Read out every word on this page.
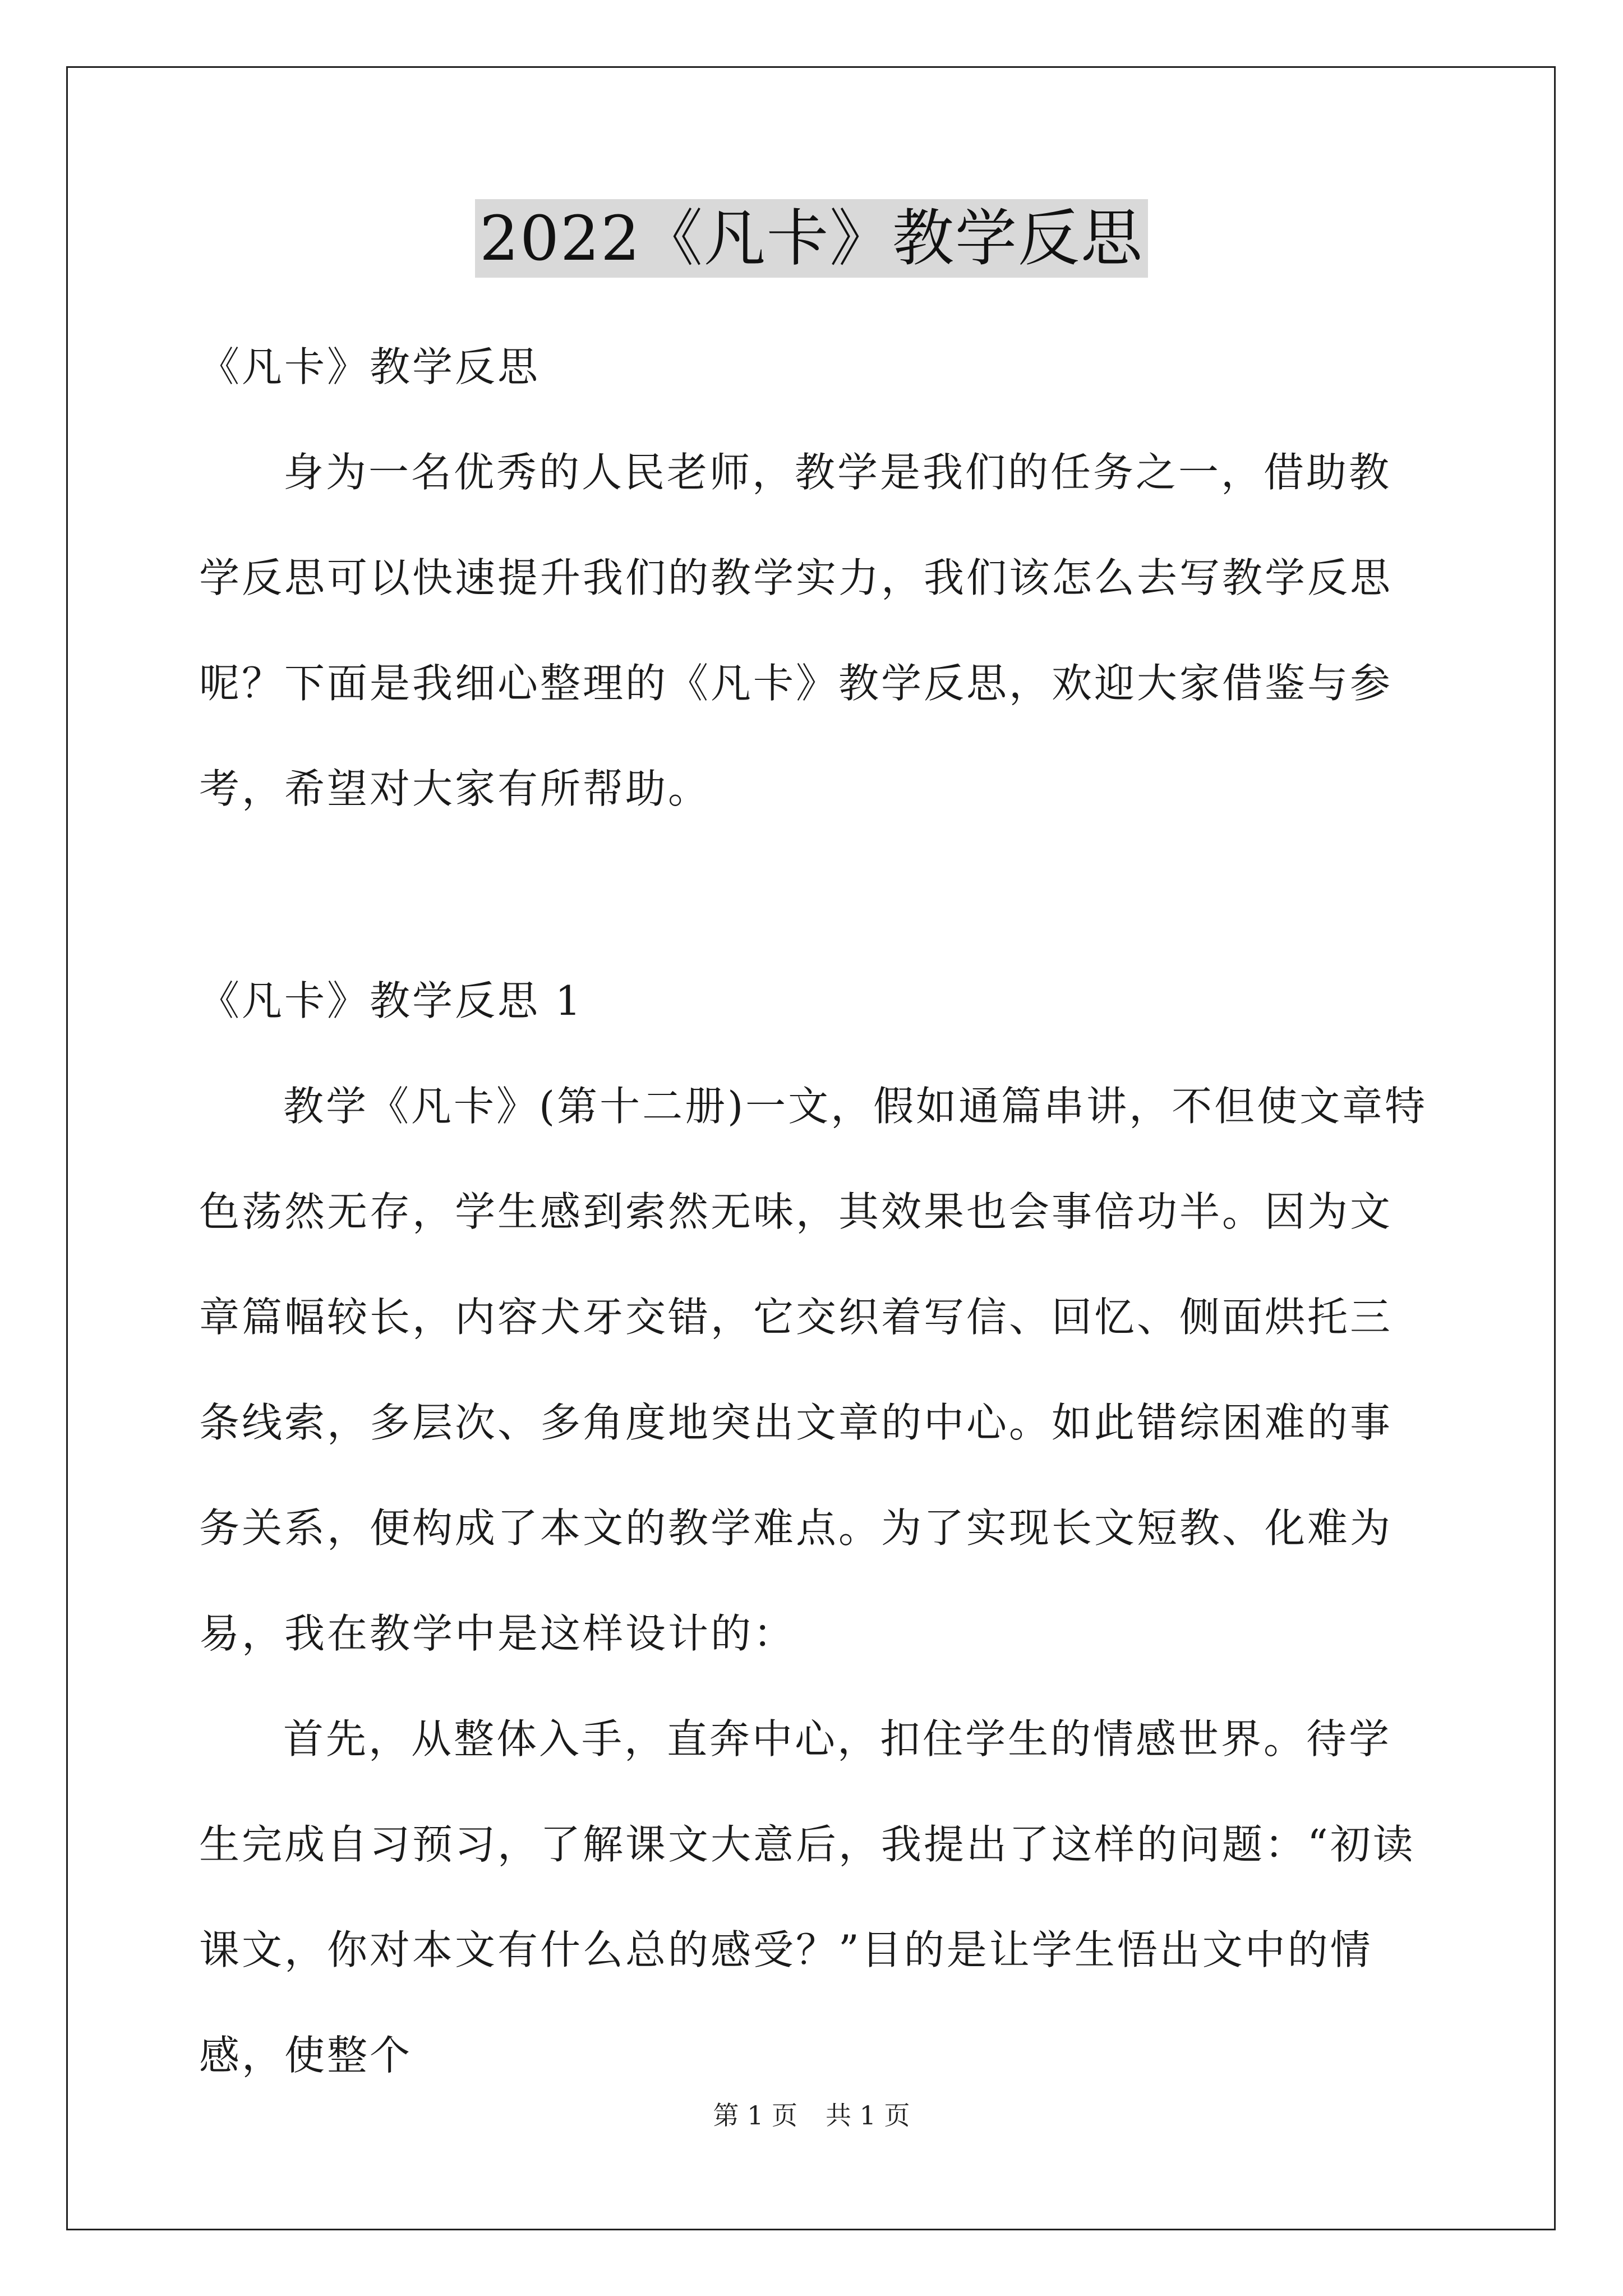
2022《凡卡》教学反思

《凡卡》教学反思

身为一名优秀的人民老师，教学是我们的任务之一，借助教学反思可以快速提升我们的教学实力，我们该怎么去写教学反思呢？下面是我细心整理的《凡卡》教学反思，欢迎大家借鉴与参考，希望对大家有所帮助。

《凡卡》教学反思 1

教学《凡卡》(第十二册)一文，假如通篇串讲，不但使文章特色荡然无存，学生感到索然无味，其效果也会事倍功半。因为文章篇幅较长，内容犬牙交错，它交织着写信、回忆、侧面烘托三条线索，多层次、多角度地突出文章的中心。如此错综困难的事务关系，便构成了本文的教学难点。为了实现长文短教、化难为易，我在教学中是这样设计的：

首先，从整体入手，直奔中心，扣住学生的情感世界。待学生完成自习预习，了解课文大意后，我提出了这样的问题：“初读课文，你对本文有什么总的感受？”目的是让学生悟出文中的情感，使整个

第 1 页 共 1 页
